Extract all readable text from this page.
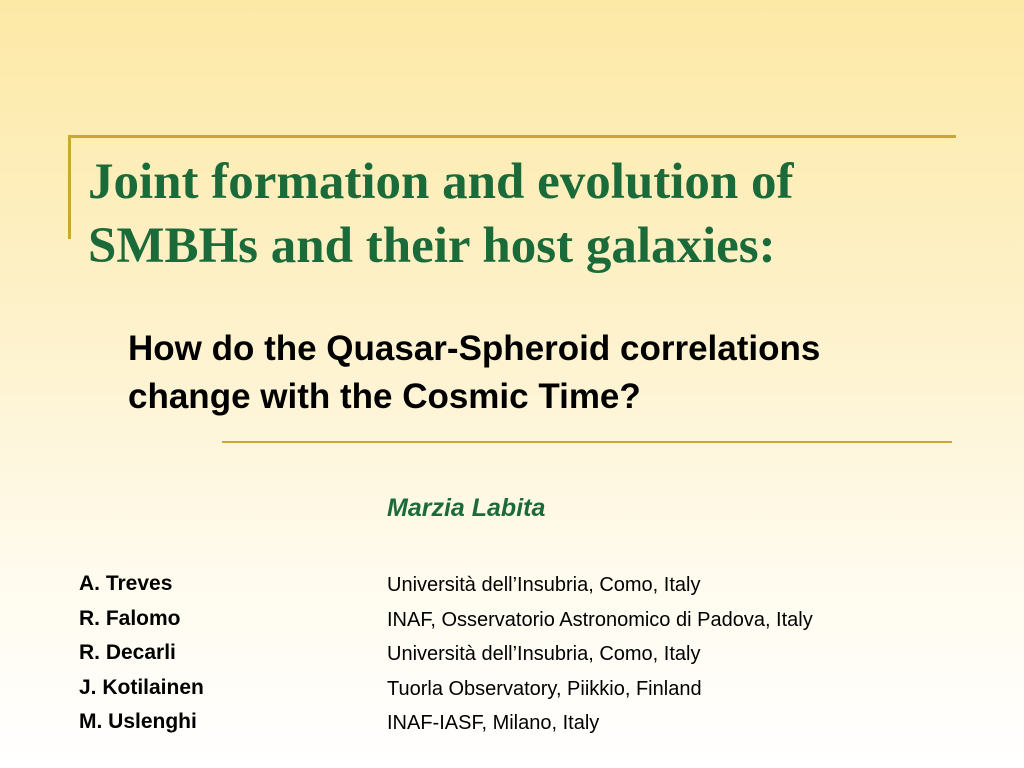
Joint formation and evolution of
SMBHs and their host galaxies:
How do the Quasar-Spheroid correlations
change with the Cosmic Time?

Marzia Labita

A. Treves	Università dell’Insubria, Como, Italy
R. Falomo	INAF, Osservatorio Astronomico di Padova, Italy
R. Decarli	Università dell’Insubria, Como, Italy
J. Kotilainen	Tuorla Observatory, Piikkio, Finland
M. Uslenghi	INAF-IASF, Milano, Italy
